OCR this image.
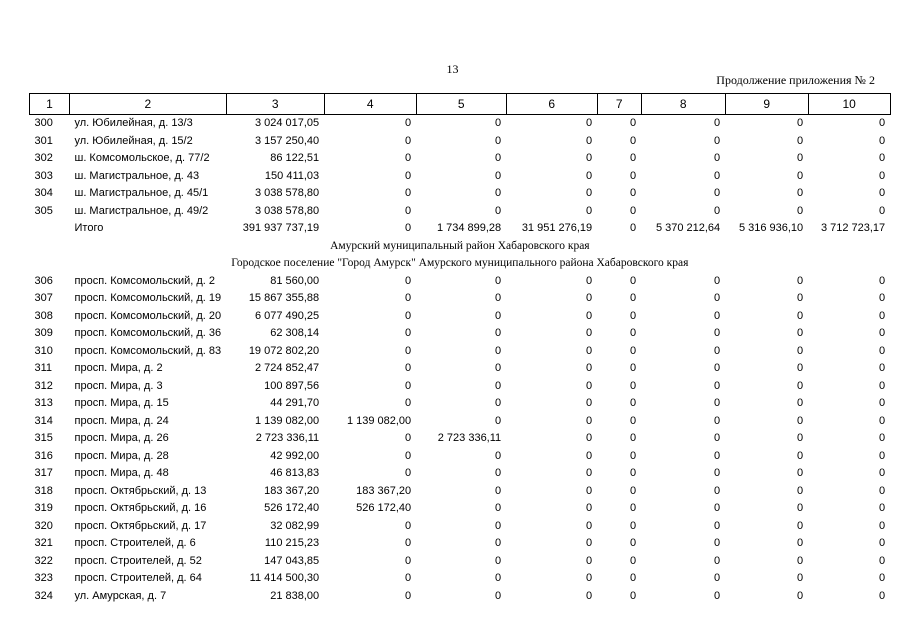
13
Продолжение приложения № 2
1	2	3	4	5	6	7	8	9	10
300	ул. Юбилейная, д. 13/3	3 024 017,05	0	0	0	0	0	0	0
301	ул. Юбилейная, д. 15/2	3 157 250,40	0	0	0	0	0	0	0
302	ш. Комсомольское, д. 77/2	86 122,51	0	0	0	0	0	0	0
303	ш. Магистральное, д. 43	150 411,03	0	0	0	0	0	0	0
304	ш. Магистральное, д. 45/1	3 038 578,80	0	0	0	0	0	0	0
305	ш. Магистральное, д. 49/2	3 038 578,80	0	0	0	0	0	0	0
	Итого	391 937 737,19	0	1 734 899,28	31 951 276,19	0	5 370 212,64	5 316 936,10	3 712 723,17
Амурский муниципальный район Хабаровского края									
Городское поселение "Город Амурск" Амурского муниципального района Хабаровского края									
306	просп. Комсомольский, д. 2	81 560,00	0	0	0	0	0	0	0
307	просп. Комсомольский, д. 19	15 867 355,88	0	0	0	0	0	0	0
308	просп. Комсомольский, д. 20	6 077 490,25	0	0	0	0	0	0	0
309	просп. Комсомольский, д. 36	62 308,14	0	0	0	0	0	0	0
310	просп. Комсомольский, д. 83	19 072 802,20	0	0	0	0	0	0	0
311	просп. Мира, д. 2	2 724 852,47	0	0	0	0	0	0	0
312	просп. Мира, д. 3	100 897,56	0	0	0	0	0	0	0
313	просп. Мира, д. 15	44 291,70	0	0	0	0	0	0	0
314	просп. Мира, д. 24	1 139 082,00	1 139 082,00	0	0	0	0	0	0
315	просп. Мира, д. 26	2 723 336,11	0	2 723 336,11	0	0	0	0	0
316	просп. Мира, д. 28	42 992,00	0	0	0	0	0	0	0
317	просп. Мира, д. 48	46 813,83	0	0	0	0	0	0	0
318	просп. Октябрьский, д. 13	183 367,20	183 367,20	0	0	0	0	0	0
319	просп. Октябрьский, д. 16	526 172,40	526 172,40	0	0	0	0	0	0
320	просп. Октябрьский, д. 17	32 082,99	0	0	0	0	0	0	0
321	просп. Строителей, д. 6	110 215,23	0	0	0	0	0	0	0
322	просп. Строителей, д. 52	147 043,85	0	0	0	0	0	0	0
323	просп. Строителей, д. 64	11 414 500,30	0	0	0	0	0	0	0
324	ул. Амурская, д. 7	21 838,00	0	0	0	0	0	0	0
